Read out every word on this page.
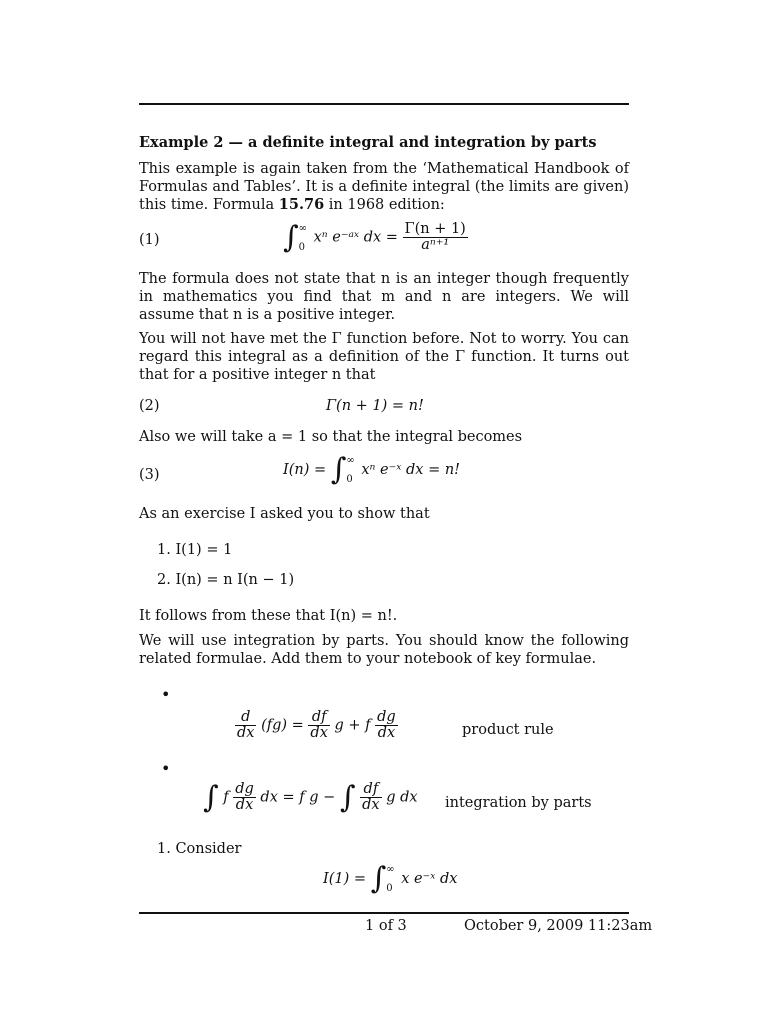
Example 2 — a definite integral and integration by parts

This example is again taken from the ‘Mathematical Handbook of Formulas and Tables’. It is a definite integral (the limits are given) this time. Formula 15.76 in 1968 edition:

(1)	∫ ∞
0
xⁿ e⁻ᵃˣ dx = $\frac{\Gamma(n + 1)}{\text{aⁿ⁺¹}}$

The formula does not state that n is an integer though frequently in mathematics you find that m and n are integers. We will assume that n is a positive integer.

You will not have met the Γ function before. Not to worry. You can regard this integral as a definition of the Γ function. It turns out that for a positive integer n that

(2)	Γ(n + 1) = n!

Also we will take a = 1 so that the integral becomes

(3)	I(n) = ∫ ∞
0
xⁿ e⁻ˣ dx = n!

As an exercise I asked you to show that

1. I(1) = 1
2. I(n) = n I(n − 1)

It follows from these that I(n) = n!.

We will use integration by parts. You should know the following related formulae. Add them to your notebook of key formulae.

•
$\frac{d}{dx} (fg) = \frac{df}{dx}$ g + f $\frac{dg}{dx}$	product rule
•
∫ f $\frac{dg}{dx}$ dx = f g − ∫ $\frac{df}{dx}$ g dx integration by parts
1. Consider
I(1) = ∫ ∞
0
x e⁻ˣ dx
1 of 3	October 9, 2009 11:23am
